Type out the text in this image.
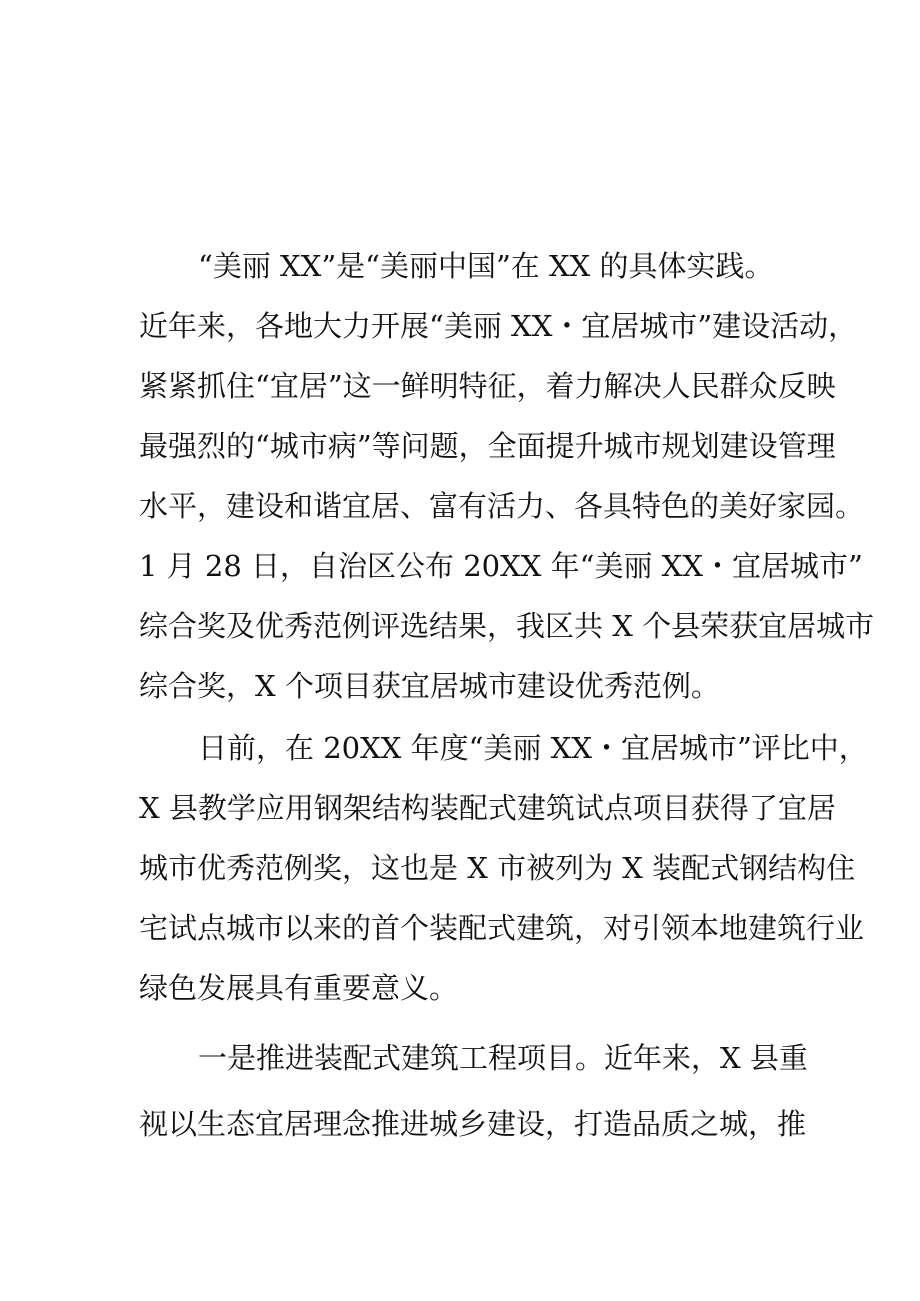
“美丽 XX”是“美丽中国”在 XX 的具体实践。
近年来，各地大力开展“美丽 XX・宜居城市”建设活动，
紧紧抓住“宜居”这一鲜明特征，着力解决人民群众反映
最强烈的“城市病”等问题，全面提升城市规划建设管理
水平，建设和谐宜居、富有活力、各具特色的美好家园。
1 月 28 日，自治区公布 20XX 年“美丽 XX・宜居城市”
综合奖及优秀范例评选结果，我区共 X 个县荣获宜居城市
综合奖，X 个项目获宜居城市建设优秀范例。
日前，在 20XX 年度“美丽 XX・宜居城市”评比中，
X 县教学应用钢架结构装配式建筑试点项目获得了宜居
城市优秀范例奖，这也是 X 市被列为 X 装配式钢结构住
宅试点城市以来的首个装配式建筑，对引领本地建筑行业
绿色发展具有重要意义。
一是推进装配式建筑工程项目。近年来，X 县重
视以生态宜居理念推进城乡建设，打造品质之城，推
